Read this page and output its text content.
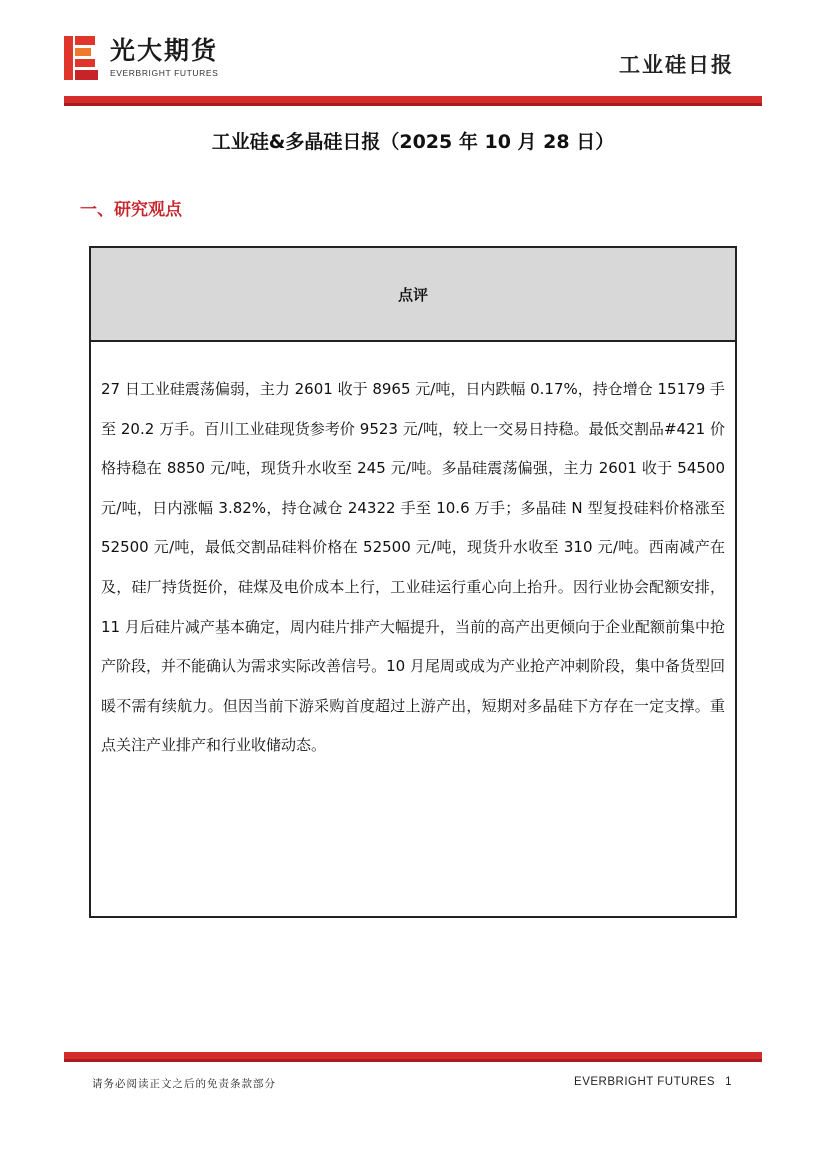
光大期货
EVERBRIGHT FUTURES	工业硅日报
工业硅&多晶硅日报（2025 年 10 月 28 日）
一、研究观点
点评
27 日工业硅震荡偏弱，主力 2601 收于 8965 元/吨，日内跌幅 0.17%，持仓增仓 15179 手至 20.2 万手。百川工业硅现货参考价 9523 元/吨，较上一交易日持稳。最低交割品#421 价格持稳在 8850 元/吨，现货升水收至 245 元/吨。多晶硅震荡偏强，主力 2601 收于 54500 元/吨，日内涨幅 3.82%，持仓减仓 24322 手至 10.6 万手；多晶硅 N 型复投硅料价格涨至 52500 元/吨，最低交割品硅料价格在 52500 元/吨，现货升水收至 310 元/吨。西南减产在及，硅厂持货挺价，硅煤及电价成本上行，工业硅运行重心向上抬升。因行业协会配额安排，11 月后硅片减产基本确定，周内硅片排产大幅提升，当前的高产出更倾向于企业配额前集中抢产阶段，并不能确认为需求实际改善信号。10 月尾周或成为产业抢产冲刺阶段，集中备货型回暖不需有续航力。但因当前下游采购首度超过上游产出，短期对多晶硅下方存在一定支撑。重点关注产业排产和行业收储动态。
请务必阅读正文之后的免责条款部分	EVERBRIGHT FUTURES 1
